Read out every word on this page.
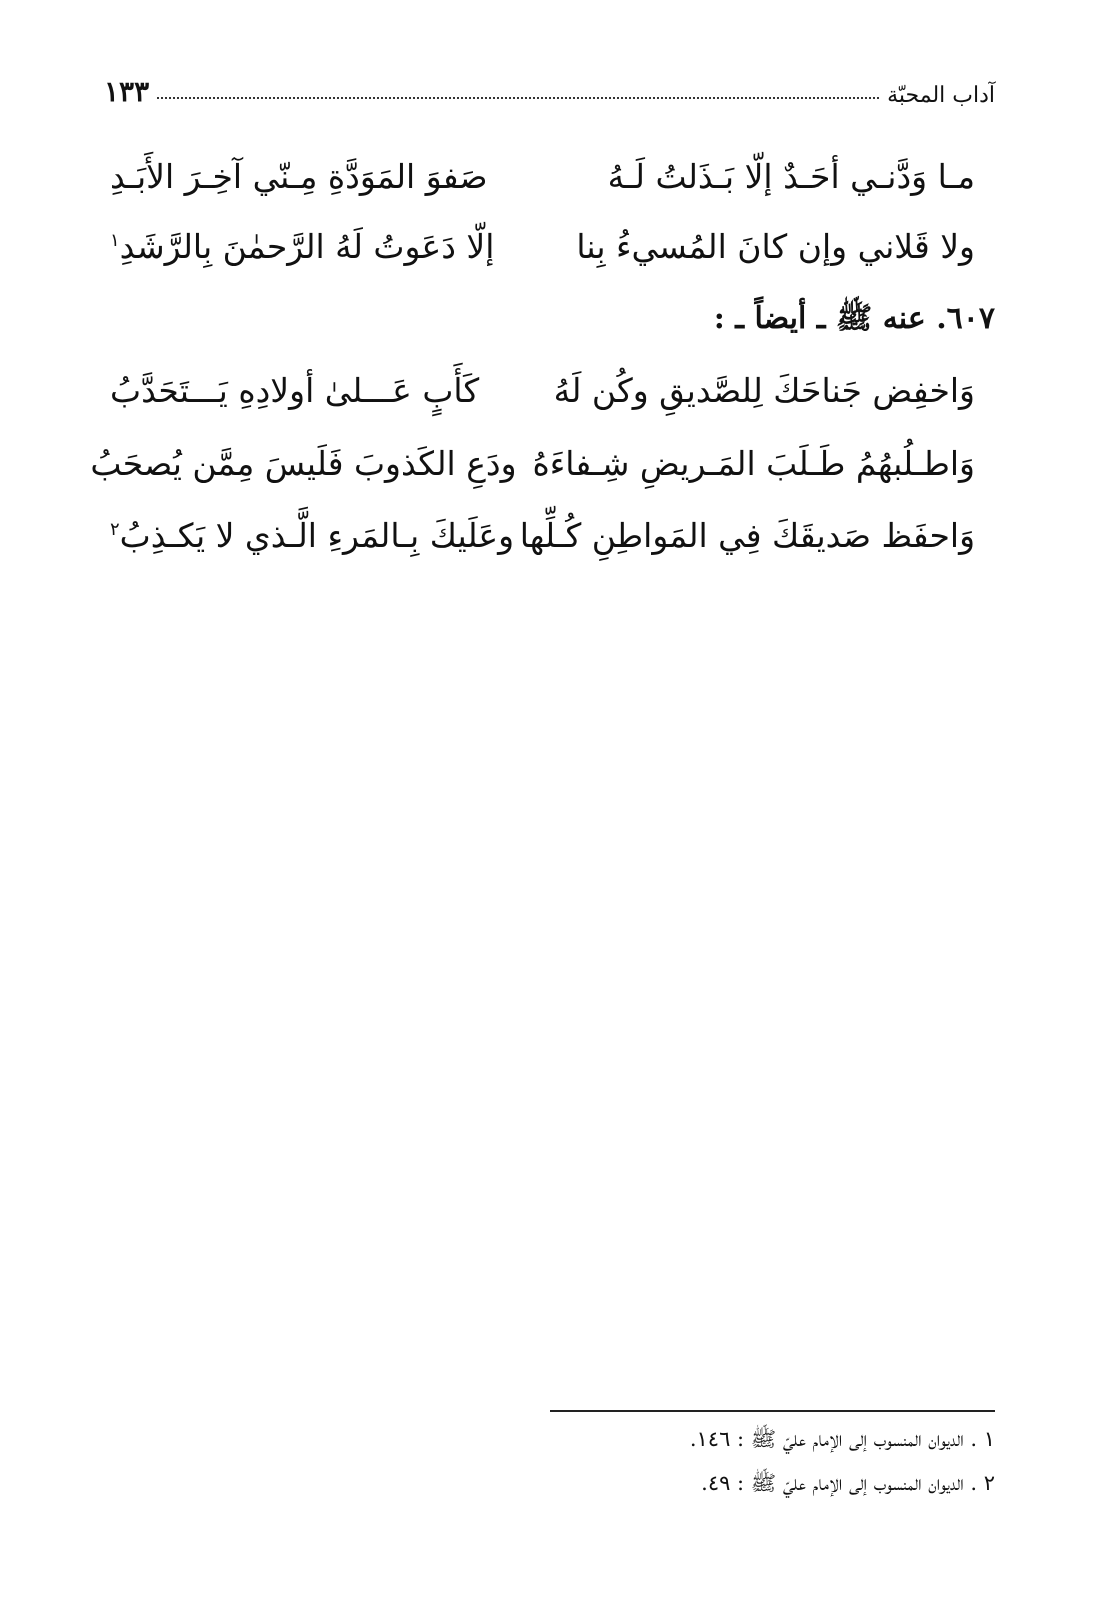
آداب المحبّة
١٣٣
مـا وَدَّنـي أحَـدٌ إلّا بَـذَلتُ لَـهُ
صَفوَ المَوَدَّةِ مِـنّي آخِـرَ الأَبَـدِ
ولا قَلاني وإن كانَ المُسيءُ بِنا
إلّا دَعَوتُ لَهُ الرَّحمٰنَ بِالرَّشَدِ$^١$
٦٠٧. عنه ﷺ ـ أيضاً ـ :
وَاخفِض جَناحَكَ لِلصَّديقِ وكُن لَهُ
كَأَبٍ عَـــلىٰ أولادِهِ يَـــتَحَدَّبُ
وَاطـلُبهُمُ طَـلَبَ المَـريضِ شِـفاءَهُ
ودَعِ الكَذوبَ فَلَيسَ مِمَّن يُصحَبُ
وَاحفَظ صَديقَكَ فِي المَواطِنِ كُـلِّها
وعَلَيكَ بِـالمَرءِ الَّـذي لا يَكـذِبُ$^٢$
١ . الديوان المنسوب إلى الإمام عليّ ﷺ : ١٤٦.
٢ . الديوان المنسوب إلى الإمام عليّ ﷺ : ٤٩.
